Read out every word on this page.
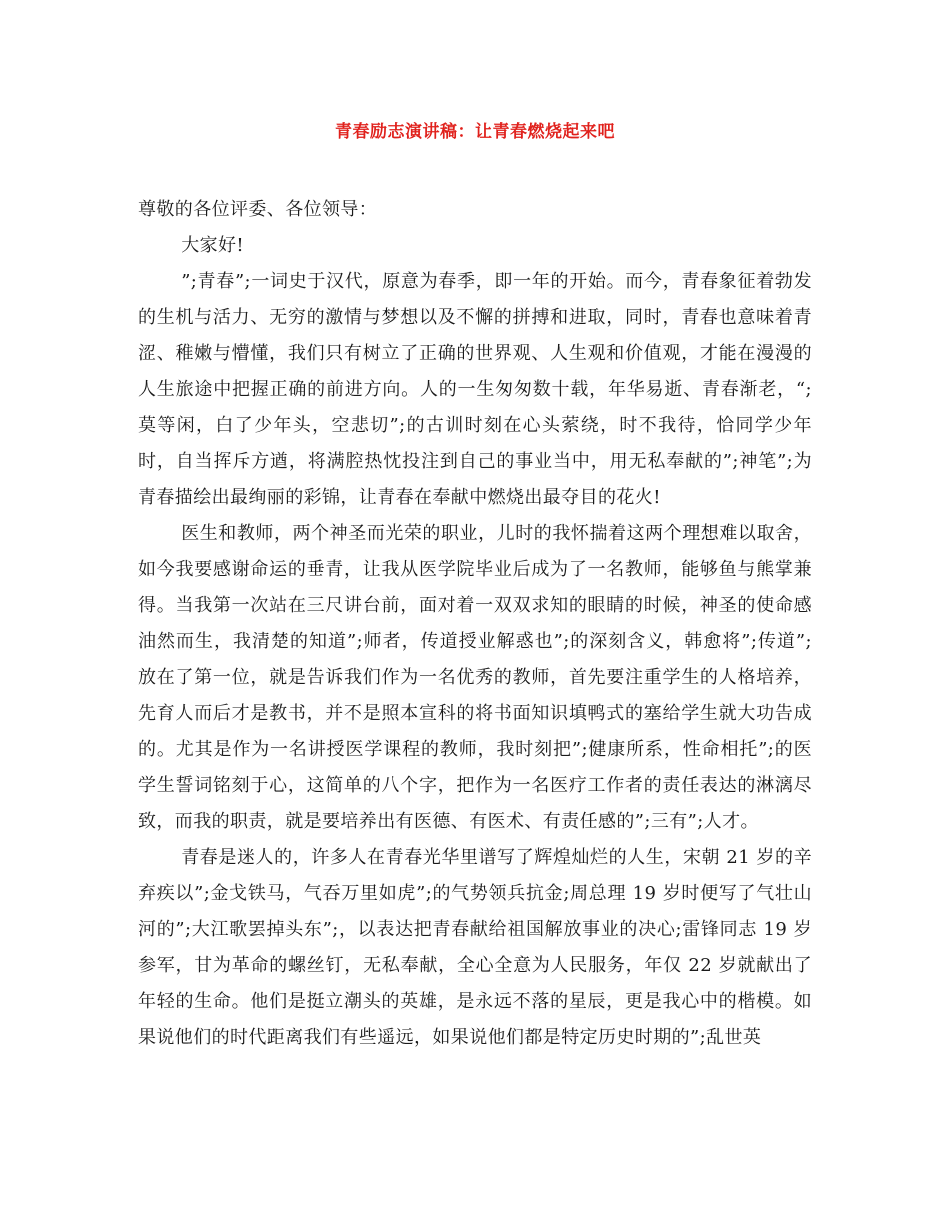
青春励志演讲稿：让青春燃烧起来吧

尊敬的各位评委、各位领导：

大家好!

”;青春”;一词史于汉代，原意为春季，即一年的开始。而今，青春象征着勃发的生机与活力、无穷的激情与梦想以及不懈的拼搏和进取，同时，青春也意味着青涩、稚嫩与懵懂，我们只有树立了正确的世界观、人生观和价值观，才能在漫漫的人生旅途中把握正确的前进方向。人的一生匆匆数十载，年华易逝、青春渐老，“;莫等闲，白了少年头，空悲切”;的古训时刻在心头萦绕，时不我待，恰同学少年时，自当挥斥方遒，将满腔热忱投注到自己的事业当中，用无私奉献的”;神笔”;为青春描绘出最绚丽的彩锦，让青春在奉献中燃烧出最夺目的花火!

医生和教师，两个神圣而光荣的职业，儿时的我怀揣着这两个理想难以取舍，如今我要感谢命运的垂青，让我从医学院毕业后成为了一名教师，能够鱼与熊掌兼得。当我第一次站在三尺讲台前，面对着一双双求知的眼睛的时候，神圣的使命感油然而生，我清楚的知道”;师者，传道授业解惑也”;的深刻含义，韩愈将”;传道”; 放在了第一位，就是告诉我们作为一名优秀的教师，首先要注重学生的人格培养，先育人而后才是教书，并不是照本宣科的将书面知识填鸭式的塞给学生就大功告成的。尤其是作为一名讲授医学课程的教师，我时刻把”;健康所系，性命相托”;的医学生誓词铭刻于心，这简单的八个字，把作为一名医疗工作者的责任表达的淋漓尽致，而我的职责，就是要培养出有医德、有医术、有责任感的”;三有”;人才。

青春是迷人的，许多人在青春光华里谱写了辉煌灿烂的人生，宋朝 21 岁的辛弃疾以”;金戈铁马，气吞万里如虎”;的气势领兵抗金;周总理 19 岁时便写了气壮山河的”;大江歌罢掉头东”;，以表达把青春献给祖国解放事业的决心;雷锋同志 19 岁参军，甘为革命的螺丝钉，无私奉献，全心全意为人民服务，年仅 22 岁就献出了年轻的生命。他们是挺立潮头的英雄，是永远不落的星辰，更是我心中的楷模。如果说他们的时代距离我们有些遥远，如果说他们都是特定历史时期的”;乱世英
